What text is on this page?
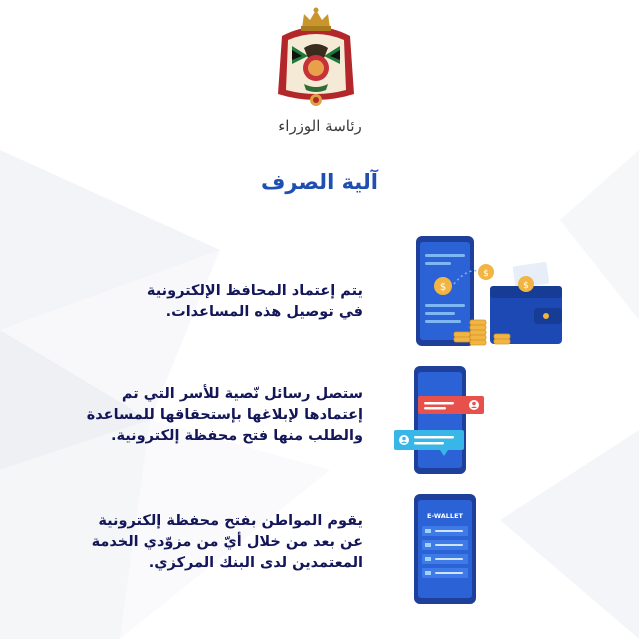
رئاسة الوزراء
آلية الصرف

يتم إعتماد المحافظ الإلكترونية
في توصيل هذه المساعدات.

$
$
$

ستصل رسائل نّصية للأسر التي تم
إعتمادها لإبلاغها بإستحقاقها للمساعدة
والطلب منها فتح محفظة إلكترونية.

يقوم المواطن بفتح محفظة إلكترونية
عن بعد من خلال أيّ من مزوّدي الخدمة
المعتمدين لدى البنك المركزي.

E-WALLET
